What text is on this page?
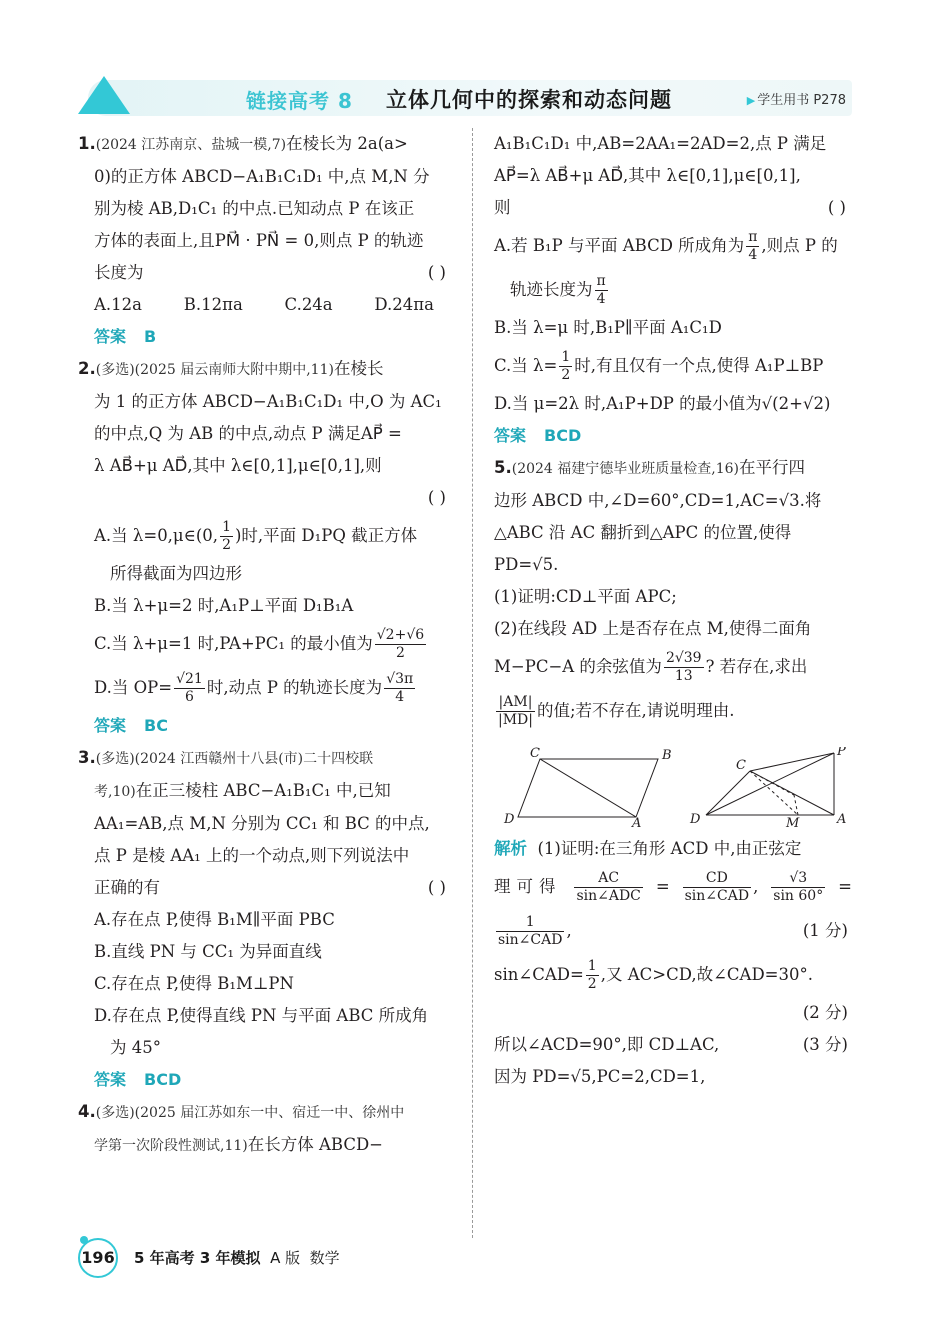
链接高考 8 立体几何中的探索和动态问题	▶ 学生用书 P278
1.(2024 江苏南京、盐城一模,7)在棱长为 2a(a>
0)的正方体 ABCD−A₁B₁C₁D₁ 中,点 M,N 分
别为棱 AB,D₁C₁ 的中点.已知动点 P 在该正
方体的表面上,且PM⃗ · PN⃗ = 0,则点 P 的轨迹
长度为	( )
A.12a	B.12πa	C.24a	D.24πa
答案 B
2.(多选)(2025 届云南师大附中期中,11)在棱长
为 1 的正方体 ABCD−A₁B₁C₁D₁ 中,O 为 AC₁
的中点,Q 为 AB 的中点,动点 P 满足AP⃗ =
λ AB⃗+μ AD⃗,其中 λ∈[0,1],μ∈[0,1],则
( )

A.当 λ=0,μ∈(0, $\frac{1}{2}$ )时,平面 D₁PQ 截正方体
所得截面为四边形
B.当 λ+μ=2 时,A₁P⊥平面 D₁B₁A
C.当 λ+μ=1 时,PA+PC₁ 的最小值为 $\frac{√2+√6}{2}$
D.当 $OP= \frac{√21}{6}$ 时,动点 P 的轨迹长度为 $\frac{√3\pi}{4}$
答案 BC
3.(多选)(2024 江西赣州十八县(市)二十四校联
考,10)在正三棱柱 ABC−A₁B₁C₁ 中,已知
AA₁=AB,点 M,N 分别为 CC₁ 和 BC 的中点,
点 P 是棱 AA₁ 上的一个动点,则下列说法中
正确的有	( )
A.存在点 P,使得 B₁M∥平面 PBC
B.直线 PN 与 CC₁ 为异面直线
C.存在点 P,使得 B₁M⊥PN
D.存在点 P,使得直线 PN 与平面 ABC 所成角
为 45°
答案 BCD
4.(多选)(2025 届江苏如东一中、宿迁一中、徐州中
学第一次阶段性测试,11)在长方体 ABCD−
A₁B₁C₁D₁ 中,AB=2AA₁=2AD=2,点 P 满足
AP⃗=λ AB⃗+μ AD⃗,其中 λ∈[0,1],μ∈[0,1],
则	( )
A.若 B₁P 与平面 ABCD 所成角为 $\frac{\pi}{4}$ ,则点 P 的
轨迹长度为 $\frac{\pi}{4}$
B.当 λ=μ 时,B₁P∥平面 A₁C₁D
C.当 $\lambda= \frac{1}{2}$ 时,有且仅有一个点,使得 A₁P⊥BP
D.当 μ=2λ 时,A₁P+DP 的最小值为√(2+√2)
答案 BCD
5.(2024 福建宁德毕业班质量检查,16)在平行四
边形 ABCD 中,∠D=60°,CD=1,AC=√3.将
△ABC 沿 AC 翻折到△APC 的位置,使得
PD=√5.
(1)证明:CD⊥平面 APC;
(2)在线段 AD 上是否存在点 M,使得二面角
M−PC−A 的余弦值为 $\frac{2√39}{13}$ ? 若存在,求出
$\frac{|AM|}{|MD|}$ 的值;若不存在,请说明理由.
C	B
D	A
P
C
D	M	A
解析 (1)证明:在三角形 ACD 中,由正弦定
理可得 $\frac{AC}{\text{sin∠ADC}} = \frac{CD}{\text{sin∠CAD}}$ , $\frac{√3}{\sin 60^\circ}$ =
$\frac{1}{\text{sin∠CAD}}$ ,	(1 分)
sin∠CAD= $\frac{1}{2}$ ,又 AC>CD,故∠CAD=30°.
(2 分)

所以∠ACD=90°,即 CD⊥AC,	(3 分)
因为 PD=√5,PC=2,CD=1,
196 5 年高考 3 年模拟 A 版 数学
